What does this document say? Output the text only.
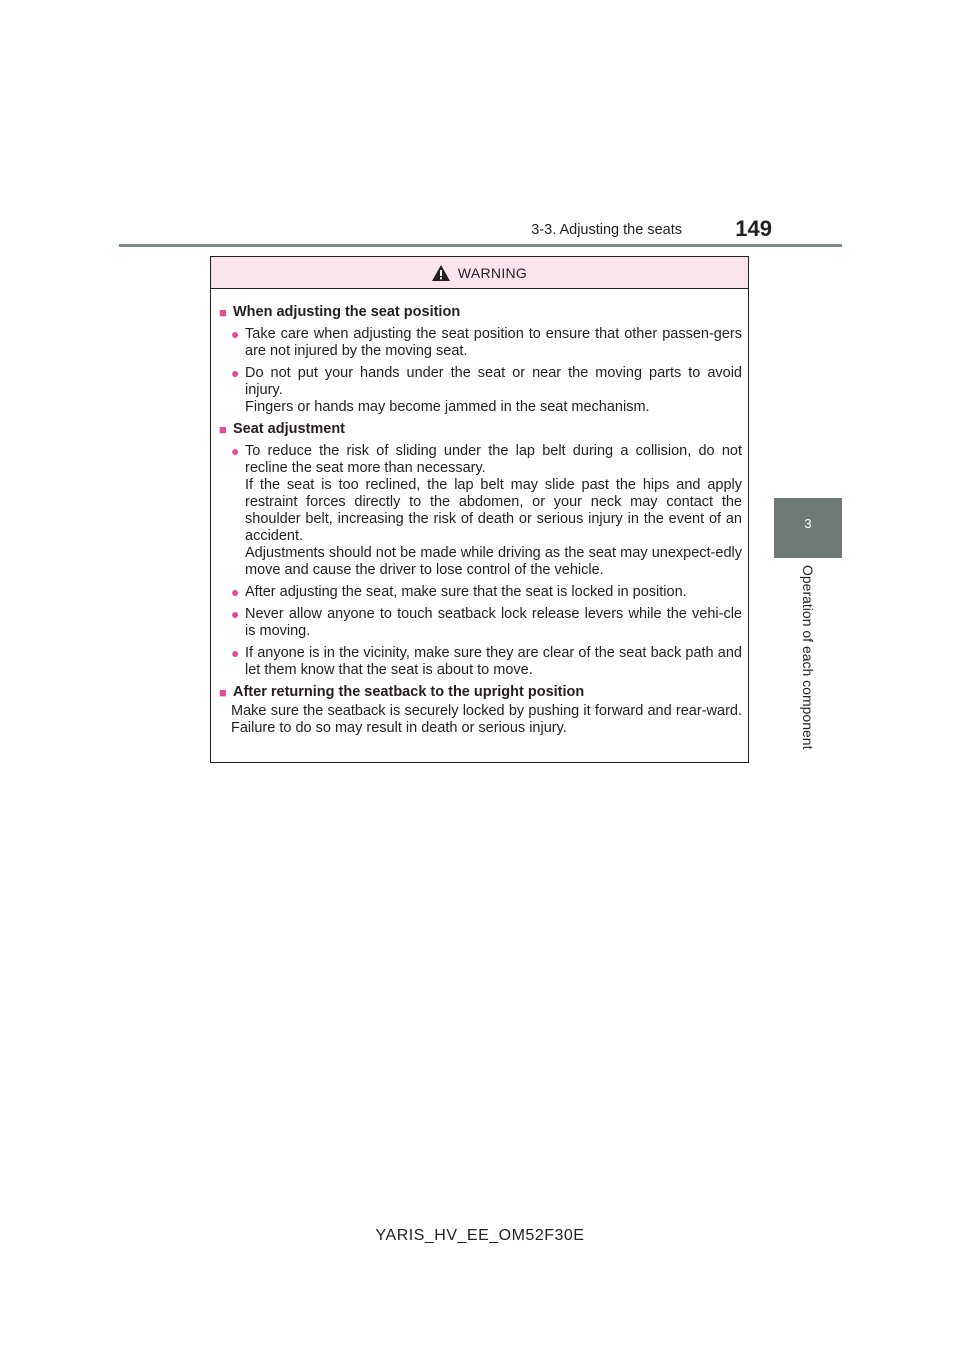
3-3. Adjusting the seats	149
3
Operation of each component
WARNING
■ When adjusting the seat position
● Take care when adjusting the seat position to ensure that other passen-gers are not injured by the moving seat.
● Do not put your hands under the seat or near the moving parts to avoid injury.
Fingers or hands may become jammed in the seat mechanism.
■ Seat adjustment
● To reduce the risk of sliding under the lap belt during a collision, do not recline the seat more than necessary.
If the seat is too reclined, the lap belt may slide past the hips and apply restraint forces directly to the abdomen, or your neck may contact the shoulder belt, increasing the risk of death or serious injury in the event of an accident.
Adjustments should not be made while driving as the seat may unexpect-edly move and cause the driver to lose control of the vehicle.
● After adjusting the seat, make sure that the seat is locked in position.
● Never allow anyone to touch seatback lock release levers while the vehi-cle is moving.
● If anyone is in the vicinity, make sure they are clear of the seat back path and let them know that the seat is about to move.
■ After returning the seatback to the upright position
Make sure the seatback is securely locked by pushing it forward and rear-ward. Failure to do so may result in death or serious injury.
YARIS_HV_EE_OM52F30E
